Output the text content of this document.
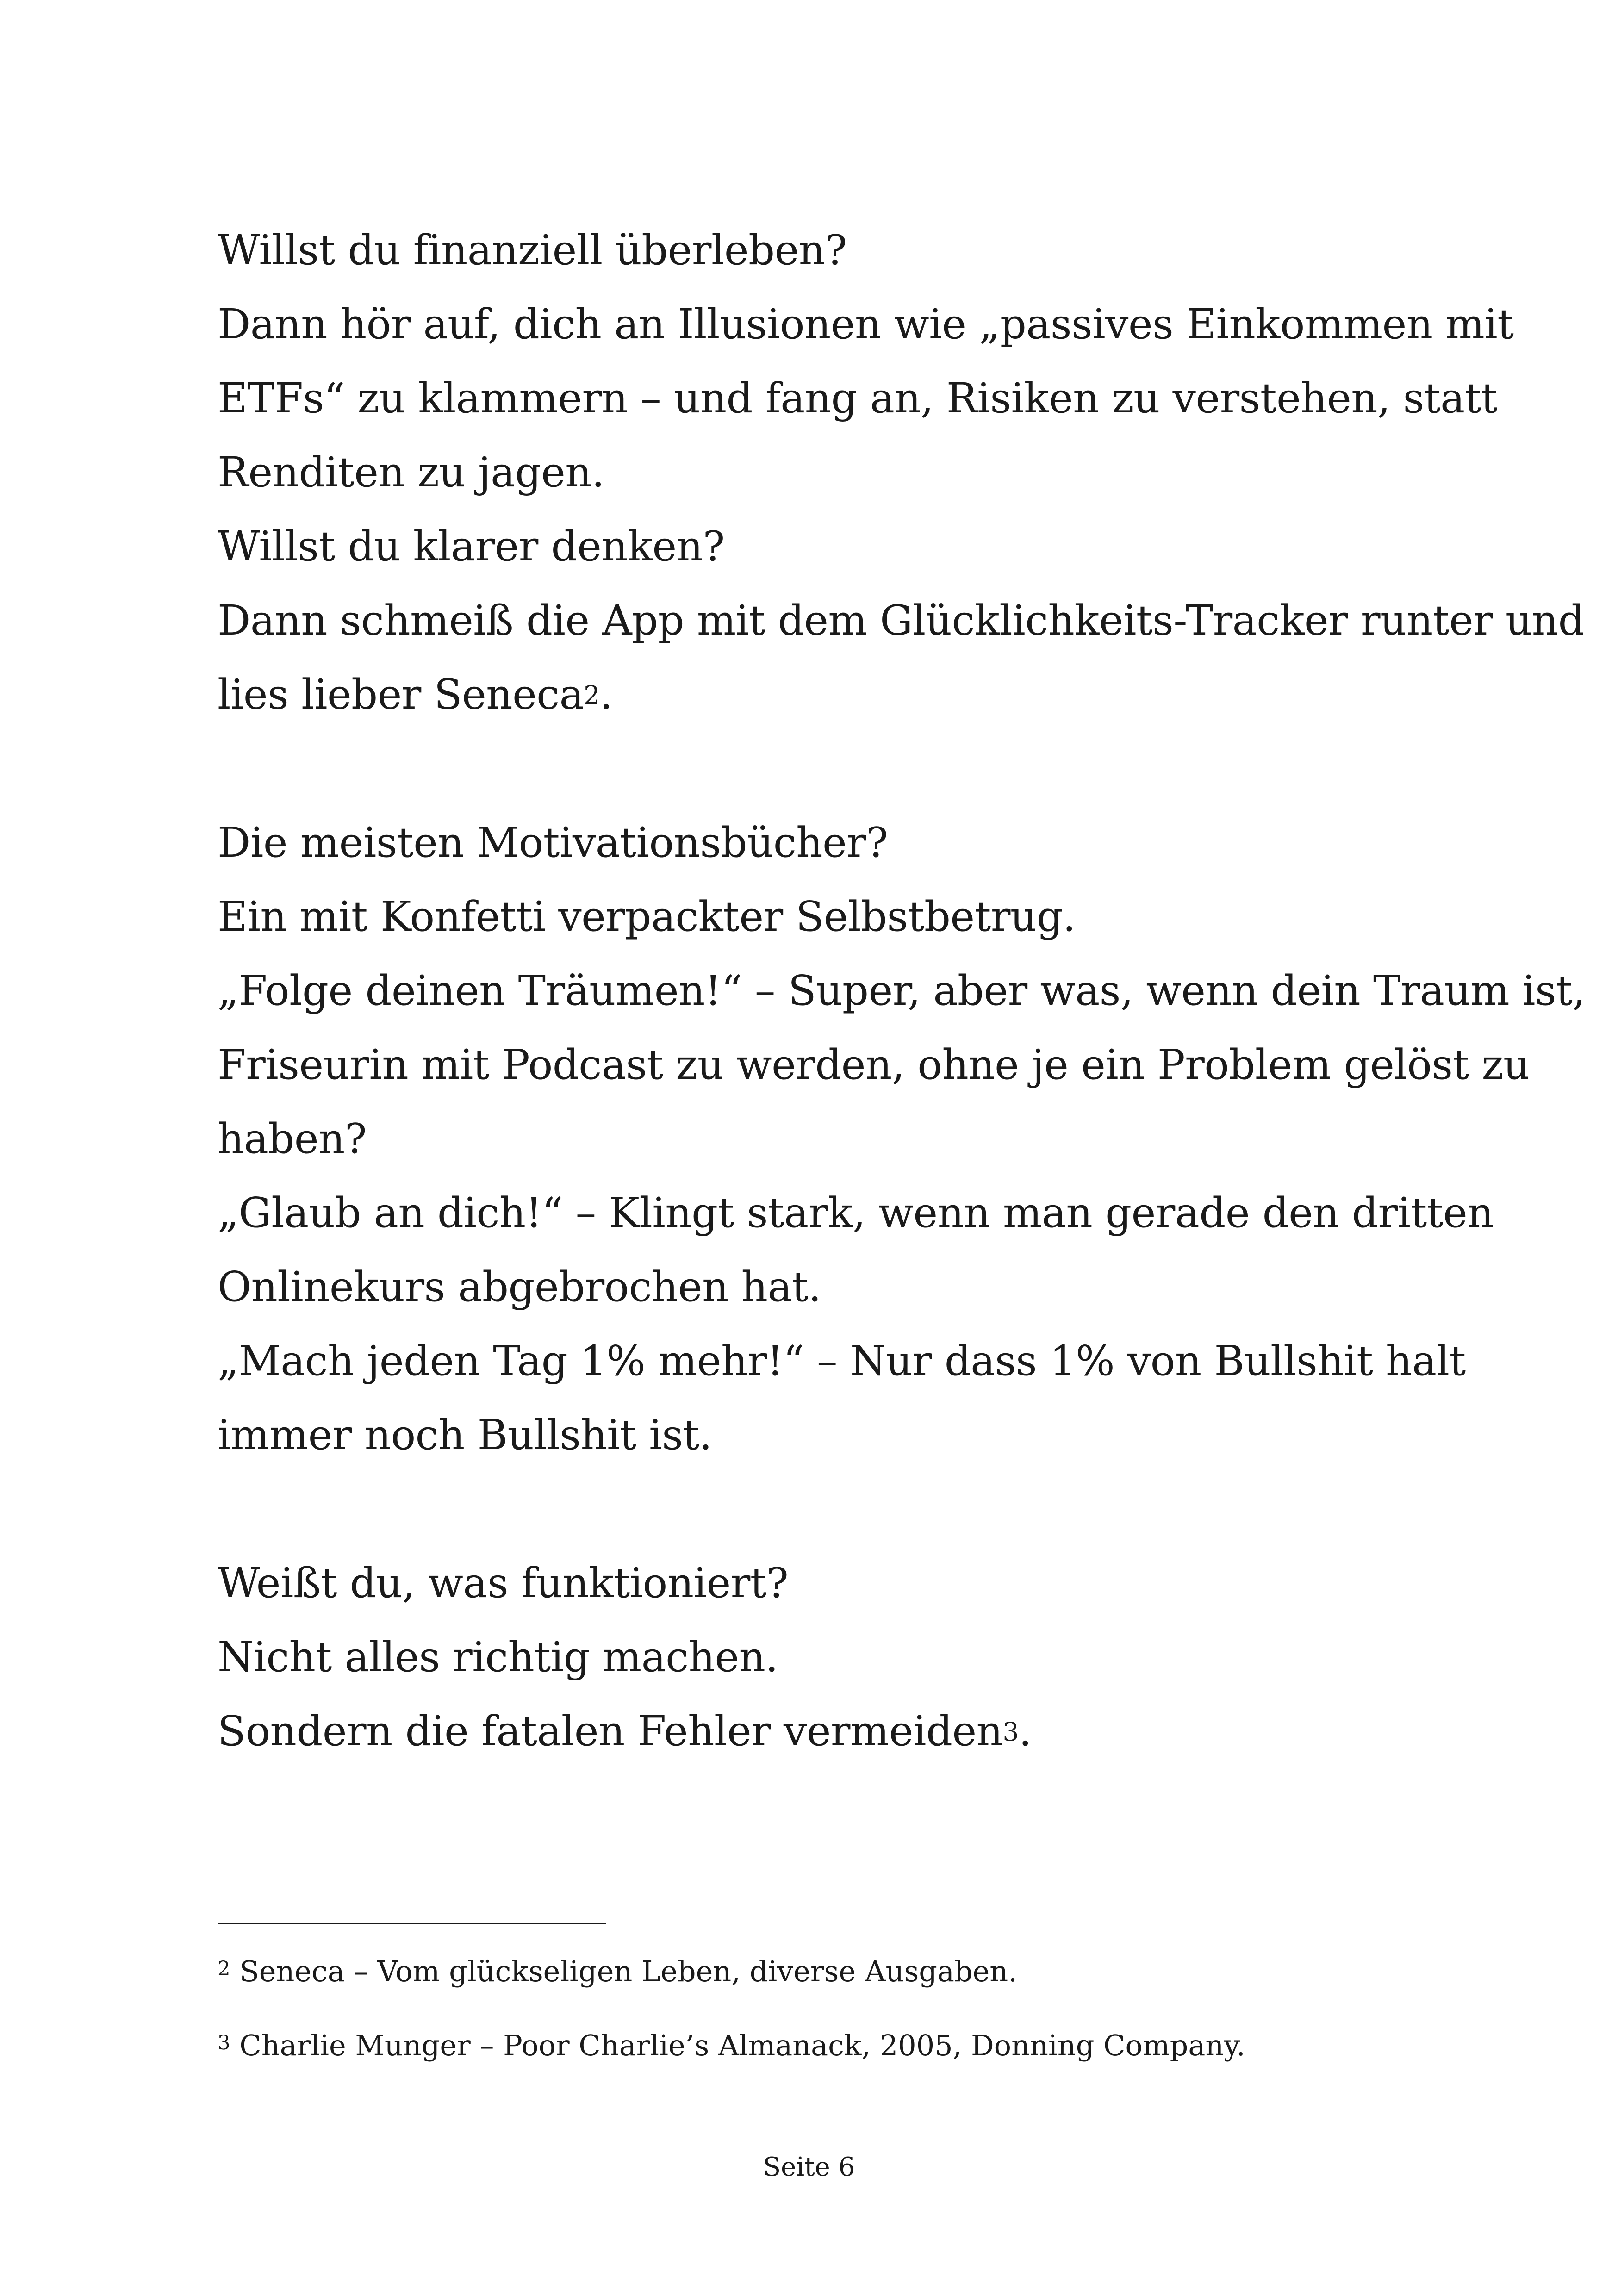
Willst du finanziell überleben?
Dann hör auf, dich an Illusionen wie „passives Einkommen mit
ETFs“ zu klammern – und fang an, Risiken zu verstehen, statt
Renditen zu jagen.
Willst du klarer denken?
Dann schmeiß die App mit dem Glücklichkeits-Tracker runter und
lies lieber Seneca$^2$.

Die meisten Motivationsbücher?
Ein mit Konfetti verpackter Selbstbetrug.
„Folge deinen Träumen!“ – Super, aber was, wenn dein Traum ist,
Friseurin mit Podcast zu werden, ohne je ein Problem gelöst zu
haben?
„Glaub an dich!“ – Klingt stark, wenn man gerade den dritten
Onlinekurs abgebrochen hat.
„Mach jeden Tag 1% mehr!“ – Nur dass 1% von Bullshit halt
immer noch Bullshit ist.

Weißt du, was funktioniert?
Nicht alles richtig machen.
Sondern die fatalen Fehler vermeiden$^3$.

$^2$ Seneca – Vom glückseligen Leben, diverse Ausgaben.
$^3$ Charlie Munger – Poor Charlie’s Almanack, 2005, Donning Company.
Seite 6
